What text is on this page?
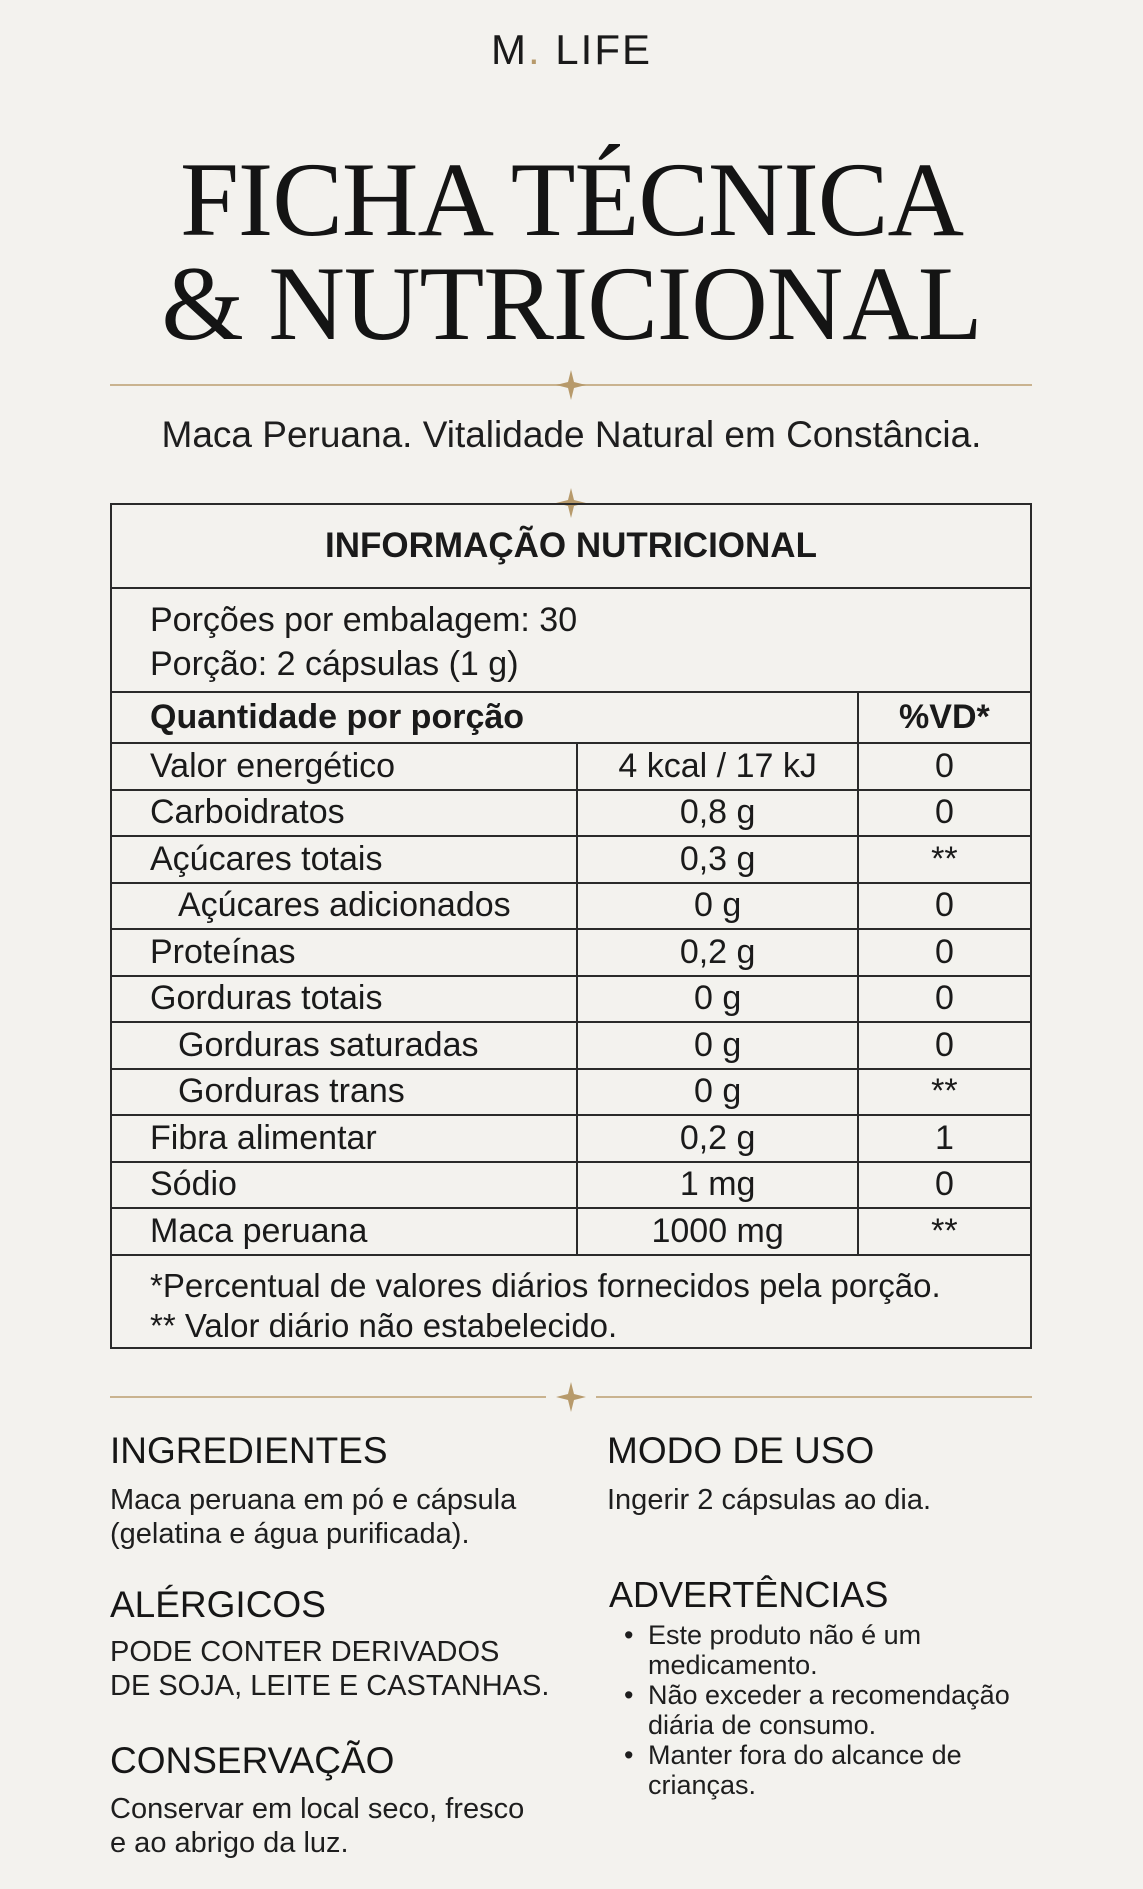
M. LIFE
FICHA TÉCNICA
& NUTRICIONAL
Maca Peruana. Vitalidade Natural em Constância.
INFORMAÇÃO NUTRICIONAL
Porções por embalagem: 30
Porção: 2 cápsulas (1 g)
Quantidade por porção		%VD*
Valor energético	4 kcal / 17 kJ	0
Carboidratos	0,8 g	0
Açúcares totais	0,3 g	**
Açúcares adicionados	0 g	0
Proteínas	0,2 g	0
Gorduras totais	0 g	0
Gorduras saturadas	0 g	0
Gorduras trans	0 g	**
Fibra alimentar	0,2 g	1
Sódio	1 mg	0
Maca peruana	1000 mg	**
*Percentual de valores diários fornecidos pela porção.
** Valor diário não estabelecido.
INGREDIENTES
Maca peruana em pó e cápsula
(gelatina e água purificada).
ALÉRGICOS
PODE CONTER DERIVADOS
DE SOJA, LEITE E CASTANHAS.
CONSERVAÇÃO
Conservar em local seco, fresco
e ao abrigo da luz.
MODO DE USO
Ingerir 2 cápsulas ao dia.
ADVERTÊNCIAS
• Este produto não é um
medicamento.
• Não exceder a recomendação
diária de consumo.
• Manter fora do alcance de
crianças.
